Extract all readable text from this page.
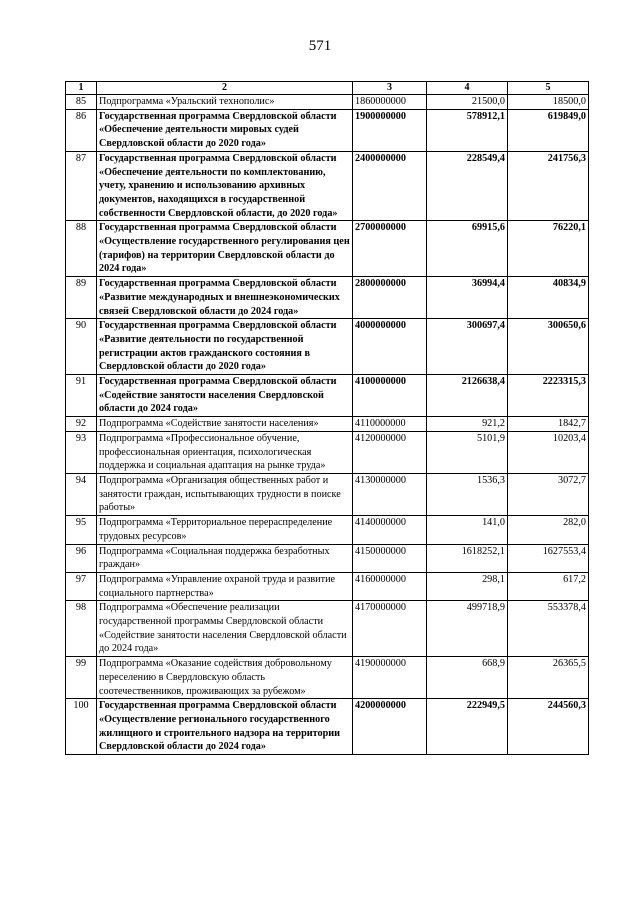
571
1	2	3	4	5
85	Подпрограмма «Уральский технополис»	1860000000	21500,0	18500,0
86	Государственная программа Свердловской области «Обеспечение деятельности мировых судей Свердловской области до 2020 года»	1900000000	578912,1	619849,0
87	Государственная программа Свердловской области «Обеспечение деятельности по комплектованию, учету, хранению и использованию архивных документов, находящихся в государственной собственности Свердловской области, до 2020 года»	2400000000	228549,4	241756,3
88	Государственная программа Свердловской области «Осуществление государственного регулирования цен (тарифов) на территории Свердловской области до 2024 года»	2700000000	69915,6	76220,1
89	Государственная программа Свердловской области «Развитие международных и внешнеэкономических связей Свердловской области до 2024 года»	2800000000	36994,4	40834,9
90	Государственная программа Свердловской области «Развитие деятельности по государственной регистрации актов гражданского состояния в Свердловской области до 2020 года»	4000000000	300697,4	300650,6
91	Государственная программа Свердловской области «Содействие занятости населения Свердловской области до 2024 года»	4100000000	2126638,4	2223315,3
92	Подпрограмма «Содействие занятости населения»	4110000000	921,2	1842,7
93	Подпрограмма «Профессиональное обучение, профессиональная ориентация, психологическая поддержка и социальная адаптация на рынке труда»	4120000000	5101,9	10203,4
94	Подпрограмма «Организация общественных работ и занятости граждан, испытывающих трудности в поиске работы»	4130000000	1536,3	3072,7
95	Подпрограмма «Территориальное перераспределение трудовых ресурсов»	4140000000	141,0	282,0
96	Подпрограмма «Социальная поддержка безработных граждан»	4150000000	1618252,1	1627553,4
97	Подпрограмма «Управление охраной труда и развитие социального партнерства»	4160000000	298,1	617,2
98	Подпрограмма «Обеспечение реализации государственной программы Свердловской области «Содействие занятости населения Свердловской области до 2024 года»	4170000000	499718,9	553378,4
99	Подпрограмма «Оказание содействия добровольному переселению в Свердловскую область соотечественников, проживающих за рубежом»	4190000000	668,9	26365,5
100	Государственная программа Свердловской области «Осуществление регионального государственного жилищного и строительного надзора на территории Свердловской области до 2024 года»	4200000000	222949,5	244560,3
